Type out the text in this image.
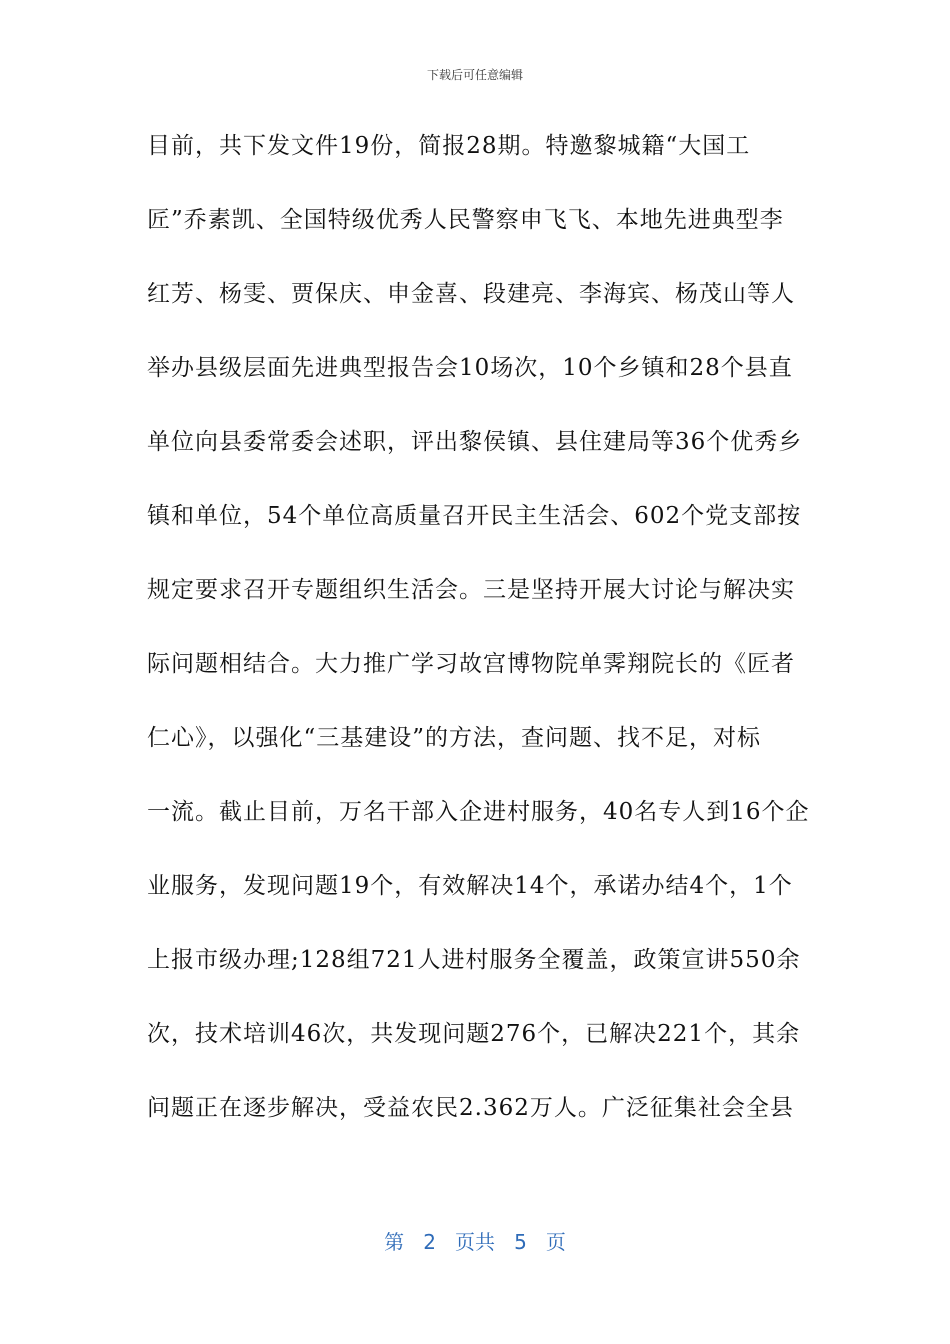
下载后可任意编辑
目前，共下发文件19份，简报28期。特邀黎城籍“大国工
匠”乔素凯、全国特级优秀人民警察申飞飞、本地先进典型李
红芳、杨雯、贾保庆、申金喜、段建亮、李海宾、杨茂山等人
举办县级层面先进典型报告会10场次，10个乡镇和28个县直
单位向县委常委会述职，评出黎侯镇、县住建局等36个优秀乡
镇和单位，54个单位高质量召开民主生活会、602个党支部按
规定要求召开专题组织生活会。三是坚持开展大讨论与解决实
际问题相结合。大力推广学习故宫博物院单霁翔院长的《匠者
仁心》，以强化“三基建设”的方法，查问题、找不足，对标
一流。截止目前，万名干部入企进村服务，40名专人到16个企
业服务，发现问题19个，有效解决14个，承诺办结4个，1个
上报市级办理;128组721人进村服务全覆盖，政策宣讲550余
次，技术培训46次，共发现问题276个，已解决221个，其余
问题正在逐步解决，受益农民2.362万人。广泛征集社会全县
第 2 页共 5 页
